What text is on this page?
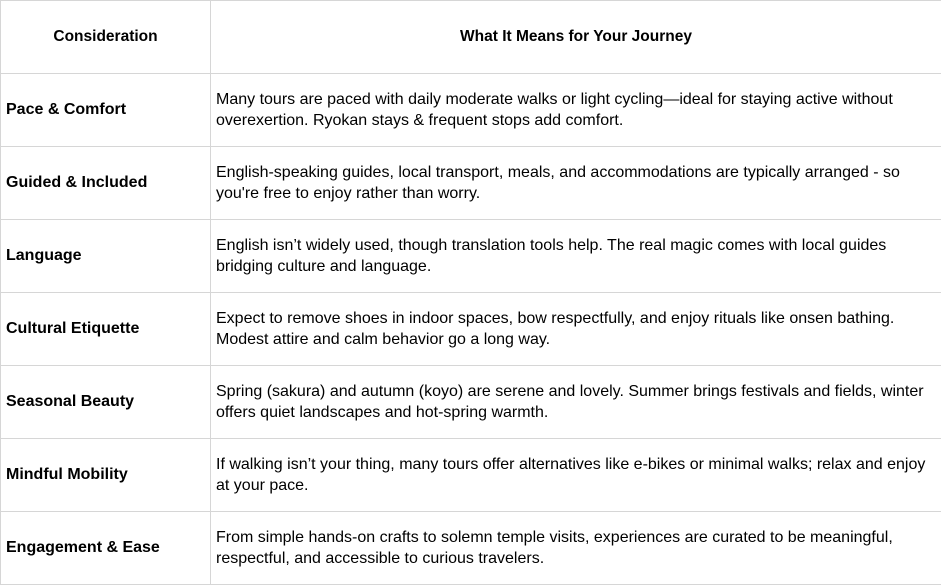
Consideration	What It Means for Your Journey
Pace & Comfort	Many tours are paced with daily moderate walks or light cycling—ideal for staying active without overexertion. Ryokan stays & frequent stops add comfort.
Guided & Included	English-speaking guides, local transport, meals, and accommodations are typically arranged - so you're free to enjoy rather than worry.
Language	English isn’t widely used, though translation tools help. The real magic comes with local guides bridging culture and language.
Cultural Etiquette	Expect to remove shoes in indoor spaces, bow respectfully, and enjoy rituals like onsen bathing. Modest attire and calm behavior go a long way.
Seasonal Beauty	Spring (sakura) and autumn (koyo) are serene and lovely. Summer brings festivals and fields, winter offers quiet landscapes and hot-spring warmth.
Mindful Mobility	If walking isn’t your thing, many tours offer alternatives like e-bikes or minimal walks; relax and enjoy at your pace.
Engagement & Ease	From simple hands-on crafts to solemn temple visits, experiences are curated to be meaningful, respectful, and accessible to curious travelers.
